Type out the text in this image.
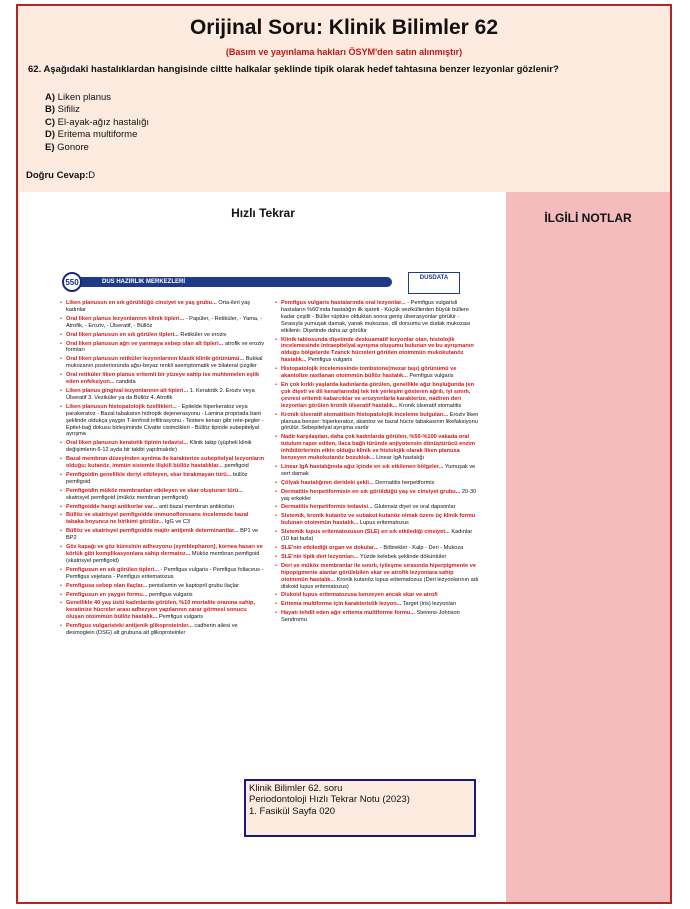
Orijinal Soru: Klinik Bilimler 62
(Basım ve yayınlama hakları ÖSYM'den satın alınmıştır)
62. Aşağıdaki hastalıklardan hangisinde ciltte halkalar şeklinde tipik olarak hedef tahtasına benzer lezyonlar gözlenir?
A) Liken planus
B) Sifiliz
C) El-ayak-ağız hastalığı
D) Eritema multiforme
E) Gonore
Doğru Cevap:D
Hızlı Tekrar
550	DUS HAZIRLIK MERKEZLERİ
DUSDATA
• Liken planusun en sık görüldüğü cinsiyet ve yaş grubu... Orta-ileri yaş kadınlar
• Oral liken planus lezyonlarının klinik tipleri... - Papüler, - Retiküler, - Yama, - Atrofik, - Eroziv, - Ülseratif, - Büllöz
• Oral liken planusun en sık görülen tipleri... Retiküler ve eroziv
• Oral liken planusun ağrı ve yanmaya sebep olan alt tipleri... atrofik ve eroziv formları
• Oral liken planusun retiküler lezyonlarının klasik klinik görünümü... Bukkal mukozanın posteriorunda ağsı-beyaz renkli asemptomatik ve bilateral çizgiler
• Oral retiküler liken planus eritemli bir yüzeye sahip ise muhtemelen eşlik eden enfeksiyon... candida
• Liken planus gingival lezyonlarının alt tipleri... 1. Keratotik 2. Eroziv veya Ülseratif 3. Veziküler ya da Büllöz 4. Atrofik
• Liken planusun histopatolojik özellikleri... - Epitelde hiperkeratoz veya parakeratoz - Bazal tabakanın hidropik dejenerasyonu - Lamina propriada bant şeklinde oldukça yaygın T-lenfosit infiltrasyonu - Testere kenarı gibi rete-pegler - Epitel-bağ dokusu birleşiminde Civatte cisimcikleri - Büllöz tipinde subepitelyal ayrışma
• Oral liken planusun keratotik tipinin tedavisi... Klinik takip (şüpheli klinik değişimlerin 6-12 ayda bir takibi yapılmalıdır)
• Bazal membran düzeyinden ayrılma ile karakterize subepitelyal lezyonların olduğu; kutanöz, immün sistemle ilişkili büllöz hastalıklar... pemfigoid
• Pemfigoidin genellikle deriyi etkileyen, skar bırakmayan türü... büllöz pemfigoid
• Pemfigoidin müköz membranları etkileyen ve skar oluşturan türü... skatrisyel pemfigoid (müköz membran pemfigoid)
• Pemfigoidde hangi antikorlar var... anti bazal membran antikorları
• Büllöz ve skatrisyel pemfigoidde immunofloresans incelemede bazal tabaka boyunca ne birikimi görülür... IgG ve C3
• Büllöz ve skatrisyel pemfigoidde majör antijenik determinantlar... BP1 ve BP2
• Göz kapağı ve göz küresinin adhezyonu (symblepharon), kornea hasarı ve körlük gibi komplikasyonlara sahip dermatoz... Müköz membran pemfigoid (skatrisyel pemfigoid)
• Pemfigusun en sık görülen tipleri... - Pemfigus vulgaris - Pemfigus foliaceus - Pemfigus vejetans - Pemfigus eritematozus
• Pemfigusa sebep olan ilaçlar... penisilamin ve kaptopril grubu ilaçlar
• Pemfigusun en yaygın formu... pemfigus vulgaris
• Genellikle 40 yaş üstü kadınlarda görülen, %10 mortalite oranına sahip, keratinize hücreler arası adhezyon yapılarının zarar görmesi sonucu oluşan otoimmün büllöz hastalık... Pemfigus vulgaris
• Pemfigus vulgaristeki antijenik glikoproteinler... cadherin ailesi ve desmoglein (DSG) alt grubuna ait glikoproteinler
• Pemfigus vulgaris hastalarında oral lezyonlar... - Pemfigus vulgarisli hastaların %60'ında hastalığın ilk işareti - Küçük veziküllerden büyük büllere kadar çeşitli - Büller rüptüre olduktan sonra geniş ülserasyonlar görülür - Sırasıyla yumuşak damak, yanak mukozası, dil dorsumu ve dudak mukozası etkilenir. Dişetinde daha az görülür
• Klinik tablosunda dişetinde deskuamatif lezyonlar olan, histolojik incelemesinde intraepitelyal ayrışma oluşumu bulunan ve bu ayrışmanın olduğu bölgelerde Tzanck hücreleri görülen otoimmün mukokutanöz hastalık... Pemfigus vulgaris
• Histopatolojik incelemesinde tombstone(mezar taşı) görünümü ve akantolize rastlanan otoimmün büllöz hastalık... Pemfigus vulgaris
• En çok kırklı yaşlarda kadınlarda görülen, genellikle ağız boşluğunda (en çok dişeti ve dil kenarlarında) tek tek yerleşim gösteren ağrılı, iyi sınırlı, çevresi eritemli kabarcıklar ve erozyonlarla karakterize, nadiren deri lezyonları görülen kronik ülseratif hastalık... Kronik ülseratif stomatitis
• Kronik ülseratif stomatitisin histopatolojik inceleme bulguları... Eroziv liken planusa benzer: hiperkeratoz, akantoz ve bazal hücre tabakasının likefaksiyonu görülür. Sebepitelyal ayrışma vardır
• Nadir karşılaşılan, daha çok kadınlarda görülen, %50-%100 vakada oral tutulum rapor edilen, ilaca bağlı türünde anjiyotensin dönüştürücü enzim inhibitörlerinin etkin olduğu klinik ve histolojik olarak liken planusa benzeyen mukokutanöz bozukluk... Linear IgA hastalığı
• Linear IgA hastalığında ağız içinde en sık etkilenen bölgeler... Yumuşak ve sert damak
• Çölyak hastalığının derideki şekli... Dermatitis herpetiformis
• Dermatitis herpetiformisin en sık görüldüğü yaş ve cinsiyet grubu... 20-30 yaş erkekler
• Dermatitis herpetiformis tedavisi... Glutensiz diyet ve oral dapsonlar
• Sistemik, kronik kutanöz ve subakut kutanöz olmak üzere üç klinik formu bulunan otoimmün hastalık... Lupus eritematozus
• Sistemik lupus eritematozusun (SLE) en sık etkilediği cinsiyet... Kadınlar (10 kat fazla)
• SLE'nin etkilediği organ ve dokular... - Böbrekler - Kalp - Deri - Mukoza
• SLE'nin tipik deri lezyonları... Yüzde kelebek şeklinde döküntüler
• Deri ve müköz membranlar ile sınırlı, iyileşme sırasında hiperpigmente ve hipopigmente alanlar görülebilen skar ve atrofik lezyonlara sahip otoimmün hastalık... Kronik kutanöz lupus eritematozus (Deri lezyonlarının adı diskoid lupus eritematozus)
• Diskoid lupus eritematozusa benzeyen ancak skar ve atrofi
• Eritema multiforme için karakteristik lezyon... Target (iris) lezyonları
• Hayatı tehdit eden ağır eritema multiforme formu... Stevens-Johnson Sendromu
İLGİLİ NOTLAR
Klinik Bilimler 62. soru
Periodontoloji Hızlı Tekrar Notu (2023)
1. Fasikül Sayfa 020
